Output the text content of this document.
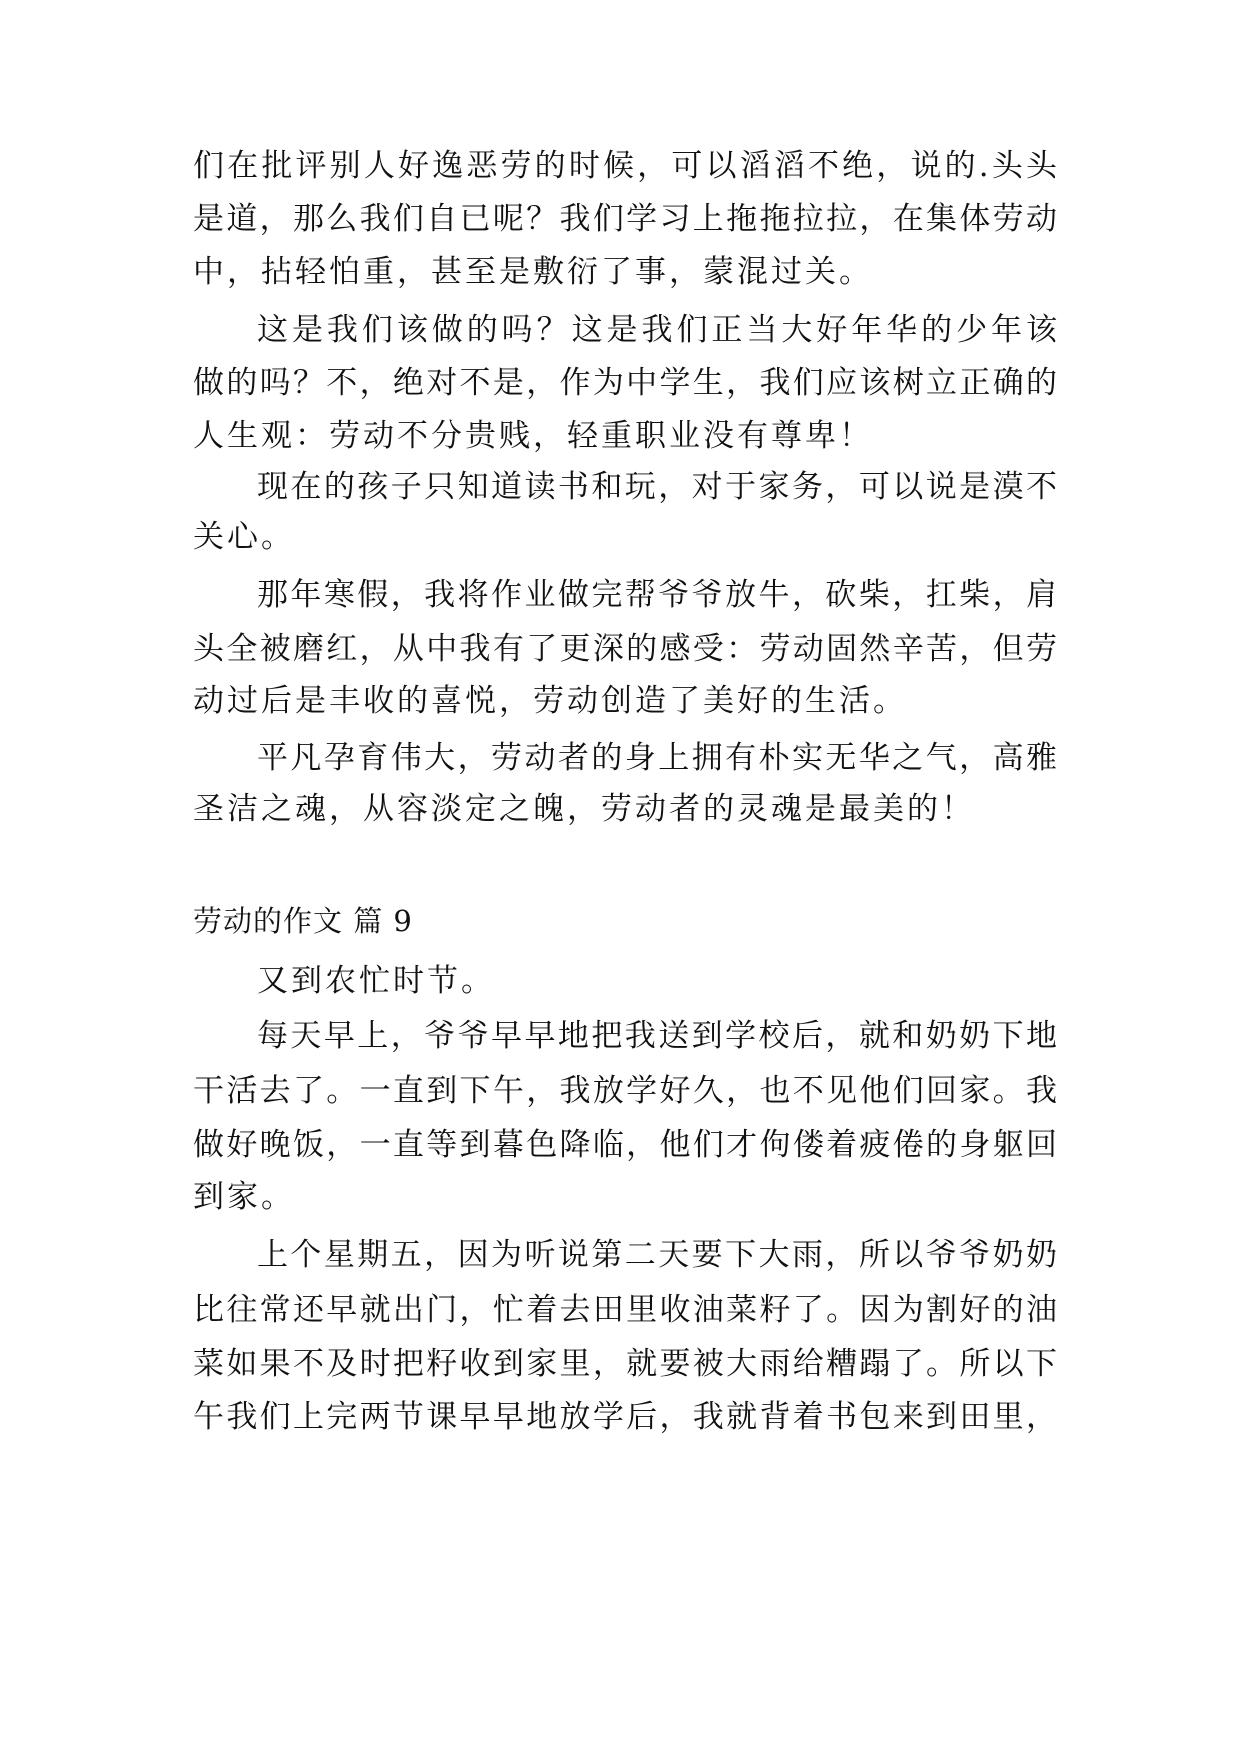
们在批评别人好逸恶劳的时候，可以滔滔不绝，说的.头头
是道，那么我们自已呢？我们学习上拖拖拉拉，在集体劳动
中，拈轻怕重，甚至是敷衍了事，蒙混过关。
这是我们该做的吗？这是我们正当大好年华的少年该
做的吗？不，绝对不是，作为中学生，我们应该树立正确的
人生观：劳动不分贵贱，轻重职业没有尊卑！
现在的孩子只知道读书和玩，对于家务，可以说是漠不
关心。
那年寒假，我将作业做完帮爷爷放牛，砍柴，扛柴，肩
头全被磨红，从中我有了更深的感受：劳动固然辛苦，但劳
动过后是丰收的喜悦，劳动创造了美好的生活。
平凡孕育伟大，劳动者的身上拥有朴实无华之气，高雅
圣洁之魂，从容淡定之魄，劳动者的灵魂是最美的！
劳动的作文 篇 9
又到农忙时节。
每天早上，爷爷早早地把我送到学校后，就和奶奶下地
干活去了。一直到下午，我放学好久，也不见他们回家。我
做好晚饭，一直等到暮色降临，他们才佝偻着疲倦的身躯回
到家。
上个星期五，因为听说第二天要下大雨，所以爷爷奶奶
比往常还早就出门，忙着去田里收油菜籽了。因为割好的油
菜如果不及时把籽收到家里，就要被大雨给糟蹋了。所以下
午我们上完两节课早早地放学后，我就背着书包来到田里，
